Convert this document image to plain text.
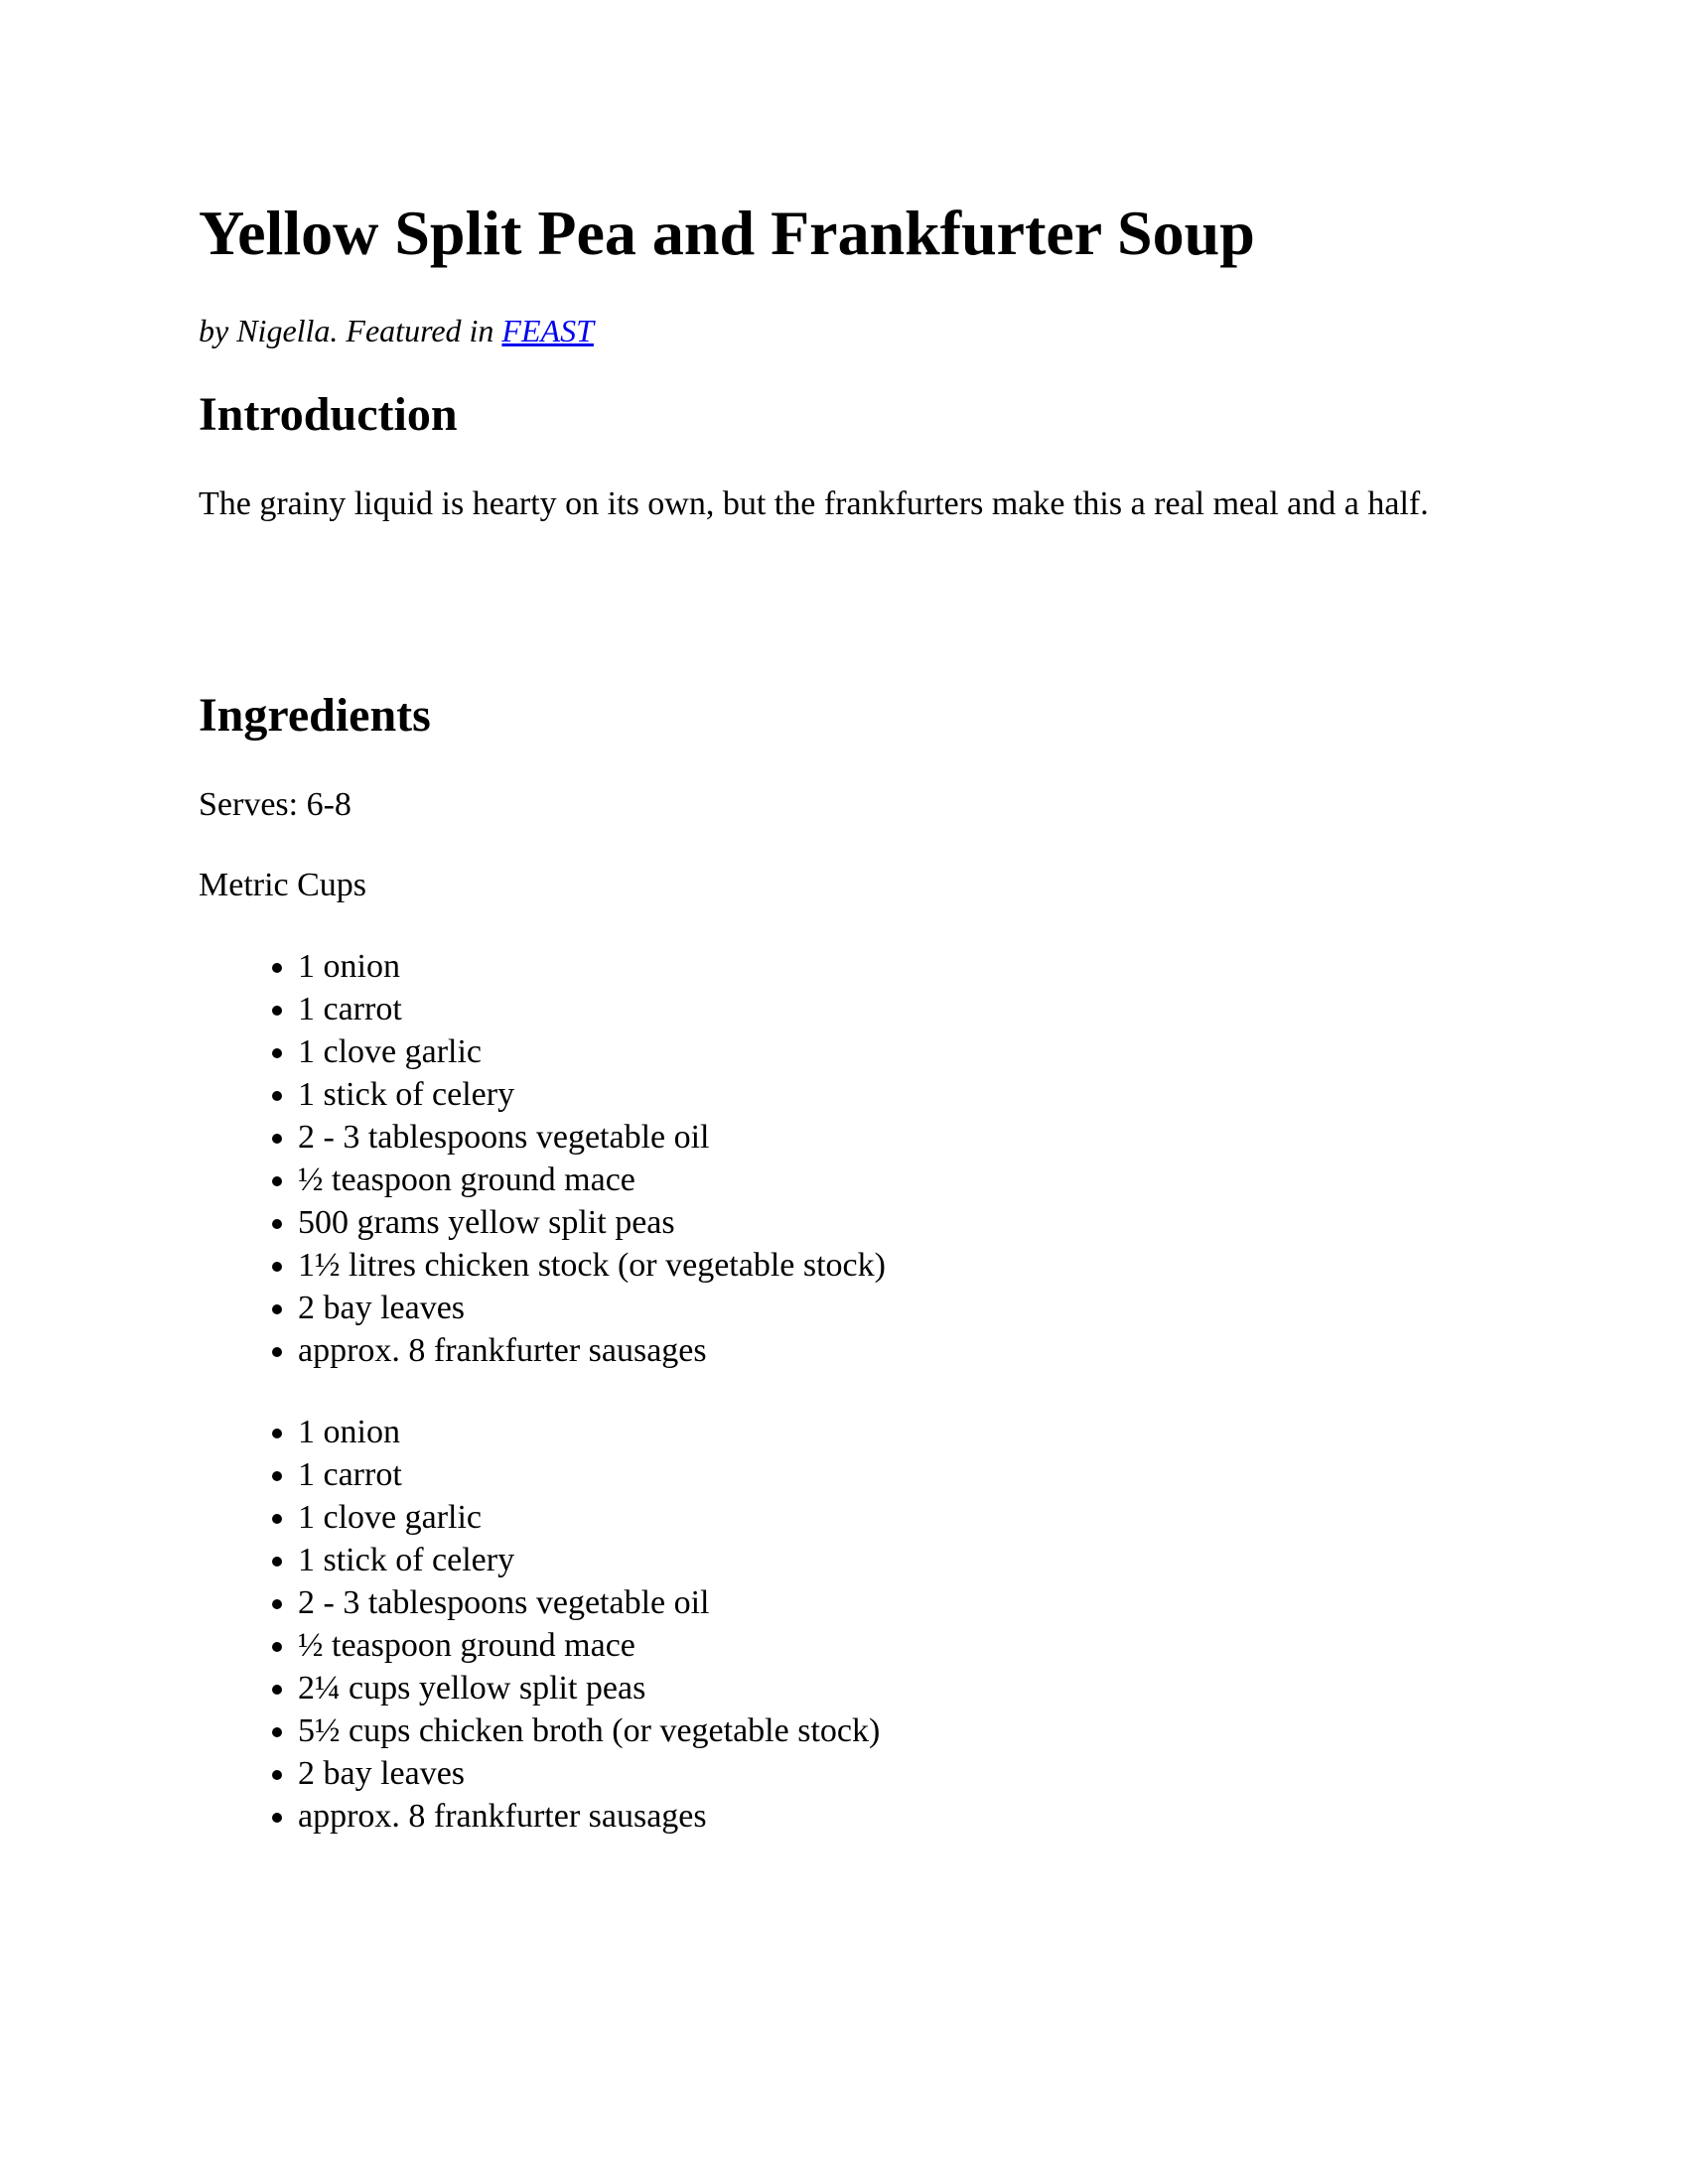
Yellow Split Pea and Frankfurter Soup

by Nigella. Featured in FEAST

Introduction

The grainy liquid is hearty on its own, but the frankfurters make this a real meal and a half.

Ingredients

Serves: 6-8

Metric Cups

• 1 onion
• 1 carrot
• 1 clove garlic
• 1 stick of celery
• 2 - 3 tablespoons vegetable oil
• ½ teaspoon ground mace
• 500 grams yellow split peas
• 1½ litres chicken stock (or vegetable stock)
• 2 bay leaves
• approx. 8 frankfurter sausages
• 1 onion
• 1 carrot
• 1 clove garlic
• 1 stick of celery
• 2 - 3 tablespoons vegetable oil
• ½ teaspoon ground mace
• 2¼ cups yellow split peas
• 5½ cups chicken broth (or vegetable stock)
• 2 bay leaves
• approx. 8 frankfurter sausages
